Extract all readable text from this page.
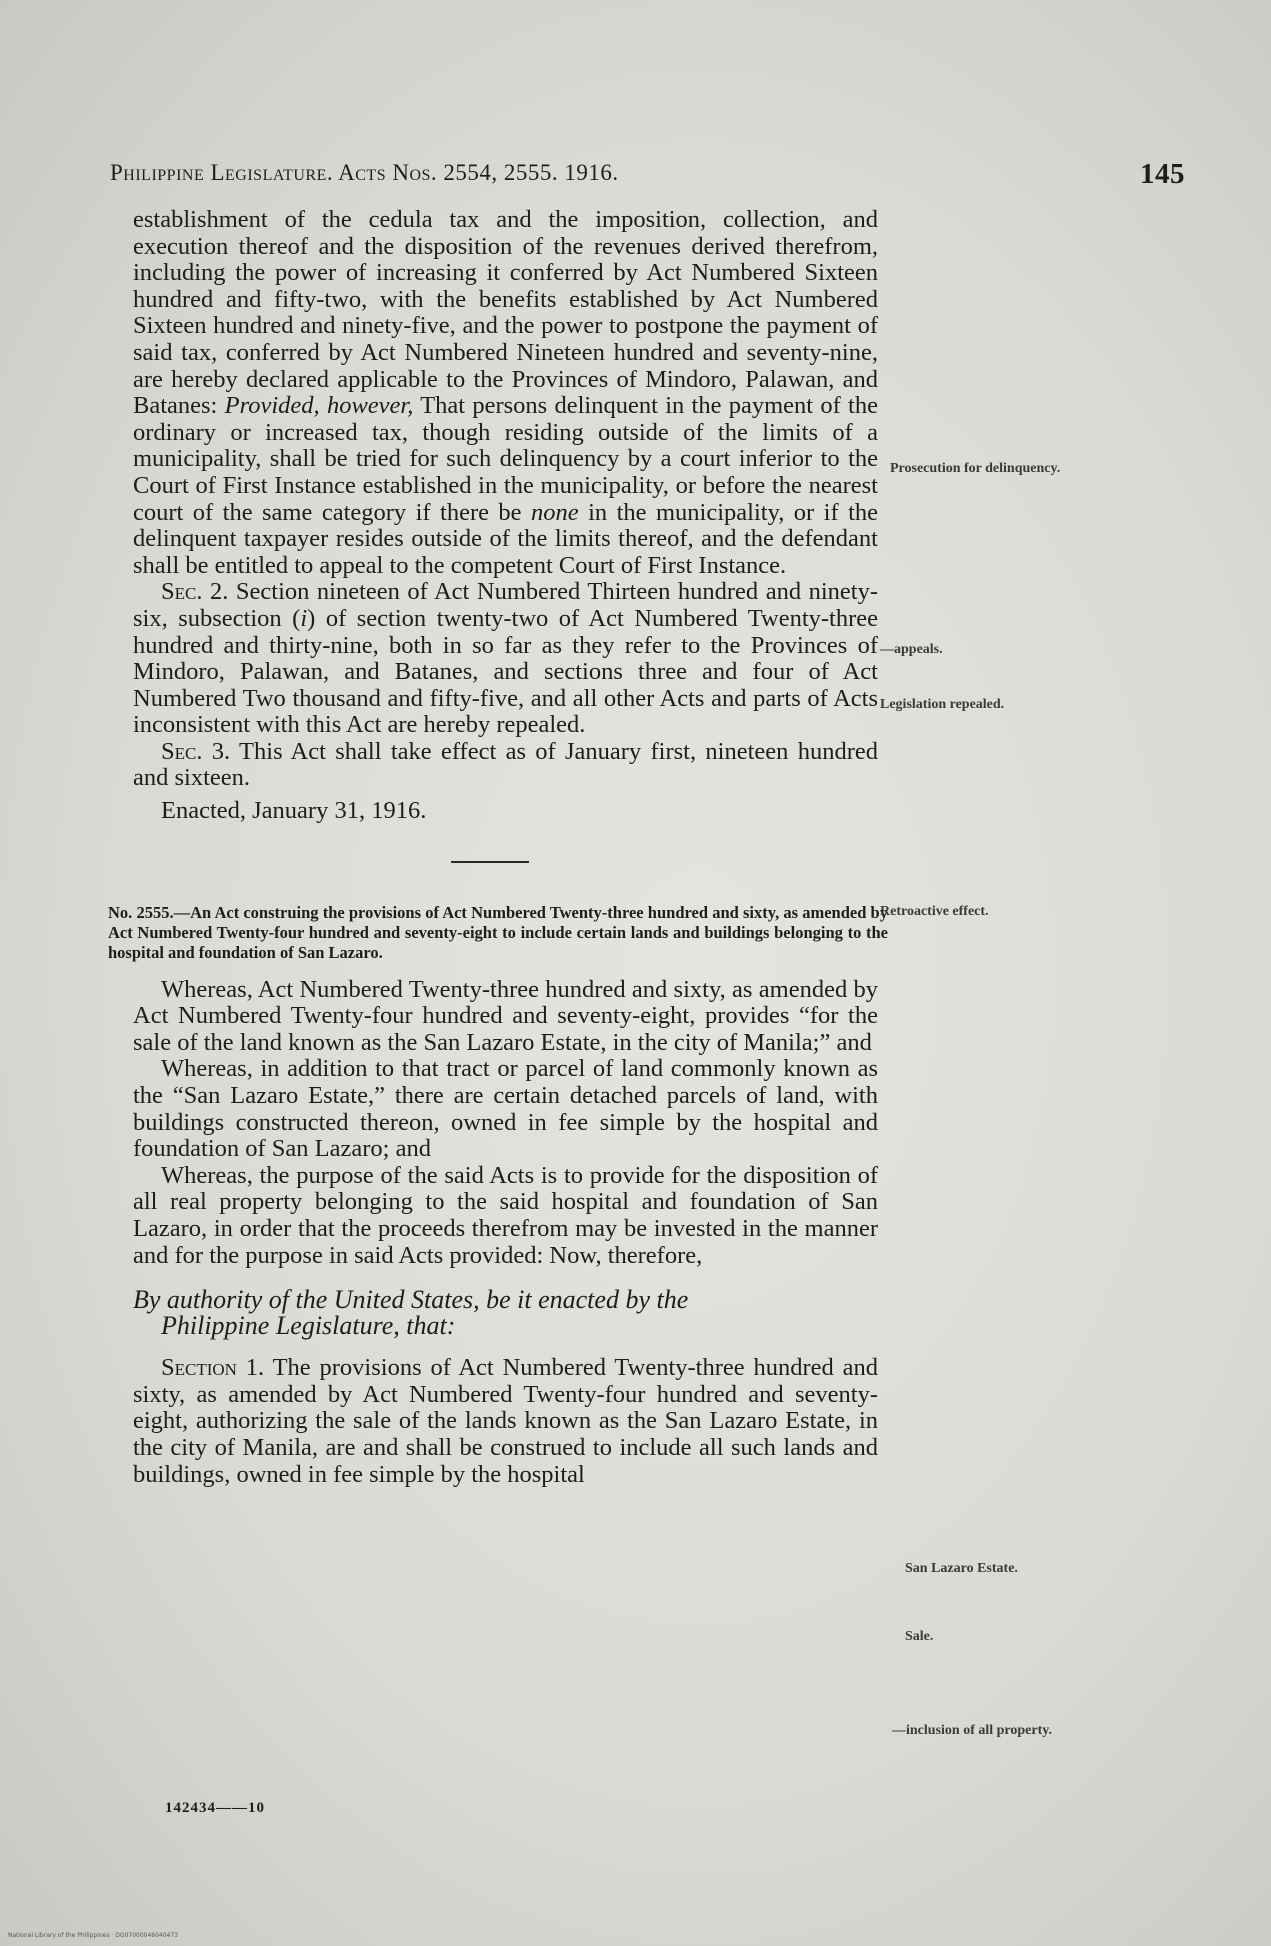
Philippine Legislature. Acts Nos. 2554, 2555. 1916.	145

establishment of the cedula tax and the imposition, collection, and execution thereof and the disposition of the revenues derived therefrom, including the power of increasing it conferred by Act Numbered Sixteen hundred and fifty-two, with the benefits established by Act Numbered Sixteen hundred and ninety-five, and the power to postpone the payment of said tax, conferred by Act Numbered Nineteen hundred and seventy-nine, are hereby declared applicable to the Provinces of Mindoro, Palawan, and Batanes: Provided, however, That persons delinquent in the payment of the ordinary or increased tax, though residing outside of the limits of a municipality, shall be tried for such delinquency by a court inferior to the Court of First Instance established in the municipality, or before the nearest court of the same category if there be none in the municipality, or if the delinquent taxpayer resides outside of the limits thereof, and the defendant shall be entitled to appeal to the competent Court of First Instance.

Sec. 2. Section nineteen of Act Numbered Thirteen hundred and ninety-six, subsection (i) of section twenty-two of Act Numbered Twenty-three hundred and thirty-nine, both in so far as they refer to the Provinces of Mindoro, Palawan, and Batanes, and sections three and four of Act Numbered Two thousand and fifty-five, and all other Acts and parts of Acts inconsistent with this Act are hereby repealed.

Sec. 3. This Act shall take effect as of January first, nineteen hundred and sixteen.

Enacted, January 31, 1916.

No. 2555.—An Act construing the provisions of Act Numbered Twenty-three hundred and sixty, as amended by Act Numbered Twenty-four hundred and seventy-eight to include certain lands and buildings belonging to the hospital and foundation of San Lazaro.

Whereas, Act Numbered Twenty-three hundred and sixty, as amended by Act Numbered Twenty-four hundred and seventy-eight, provides “for the sale of the land known as the San Lazaro Estate, in the city of Manila;” and

Whereas, in addition to that tract or parcel of land commonly known as the “San Lazaro Estate,” there are certain detached parcels of land, with buildings constructed thereon, owned in fee simple by the hospital and foundation of San Lazaro; and

Whereas, the purpose of the said Acts is to provide for the disposition of all real property belonging to the said hospital and foundation of San Lazaro, in order that the proceeds therefrom may be invested in the manner and for the purpose in said Acts provided: Now, therefore,

By authority of the United States, be it enacted by the
Philippine Legislature, that:

Section 1. The provisions of Act Numbered Twenty-three hundred and sixty, as amended by Act Numbered Twenty-four hundred and seventy-eight, authorizing the sale of the lands known as the San Lazaro Estate, in the city of Manila, are and shall be construed to include all such lands and buildings, owned in fee simple by the hospital

Prosecution for delinquency.
—appeals.
Legislation repealed.
Retroactive effect.
San Lazaro Estate.
Sale.
—inclusion of all property.
142434——10
National Library of the Philippines · DG07000046040473
